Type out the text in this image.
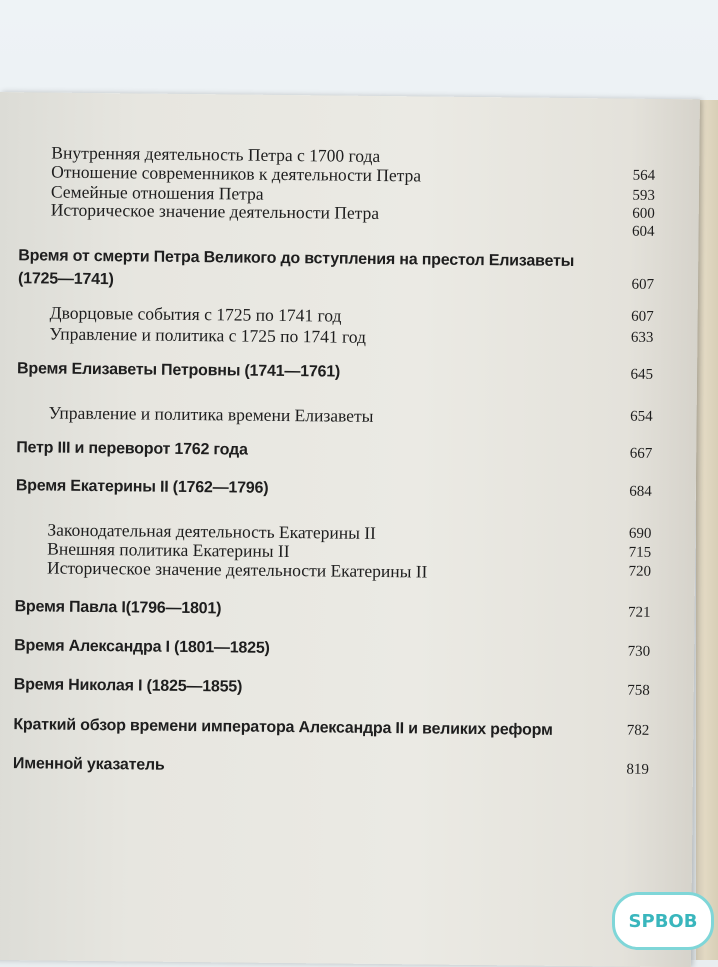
Внутренняя деятельность Петра с 1700 года
Отношение современников к деятельности Петра	564
Семейные отношения Петра	593
Историческое значение деятельности Петра	600
604
Время от смерти Петра Великого до вступления на престол Елизаветы
(1725—1741)	607
Дворцовые события с 1725 по 1741 год	607
Управление и политика с 1725 по 1741 год	633
Время Елизаветы Петровны (1741—1761)	645
Управление и политика времени Елизаветы	654
Петр III и переворот 1762 года	667
Время Екатерины II (1762—1796)	684
Законодательная деятельность Екатерины II	690
Внешняя политика Екатерины II	715
Историческое значение деятельности Екатерины II	720
Время Павла I(1796—1801)	721
Время Александра I (1801—1825)	730
Время Николая I (1825—1855)	758
Краткий обзор времени императора Александра II и великих реформ	782
Именной указатель	819
SPBOB
